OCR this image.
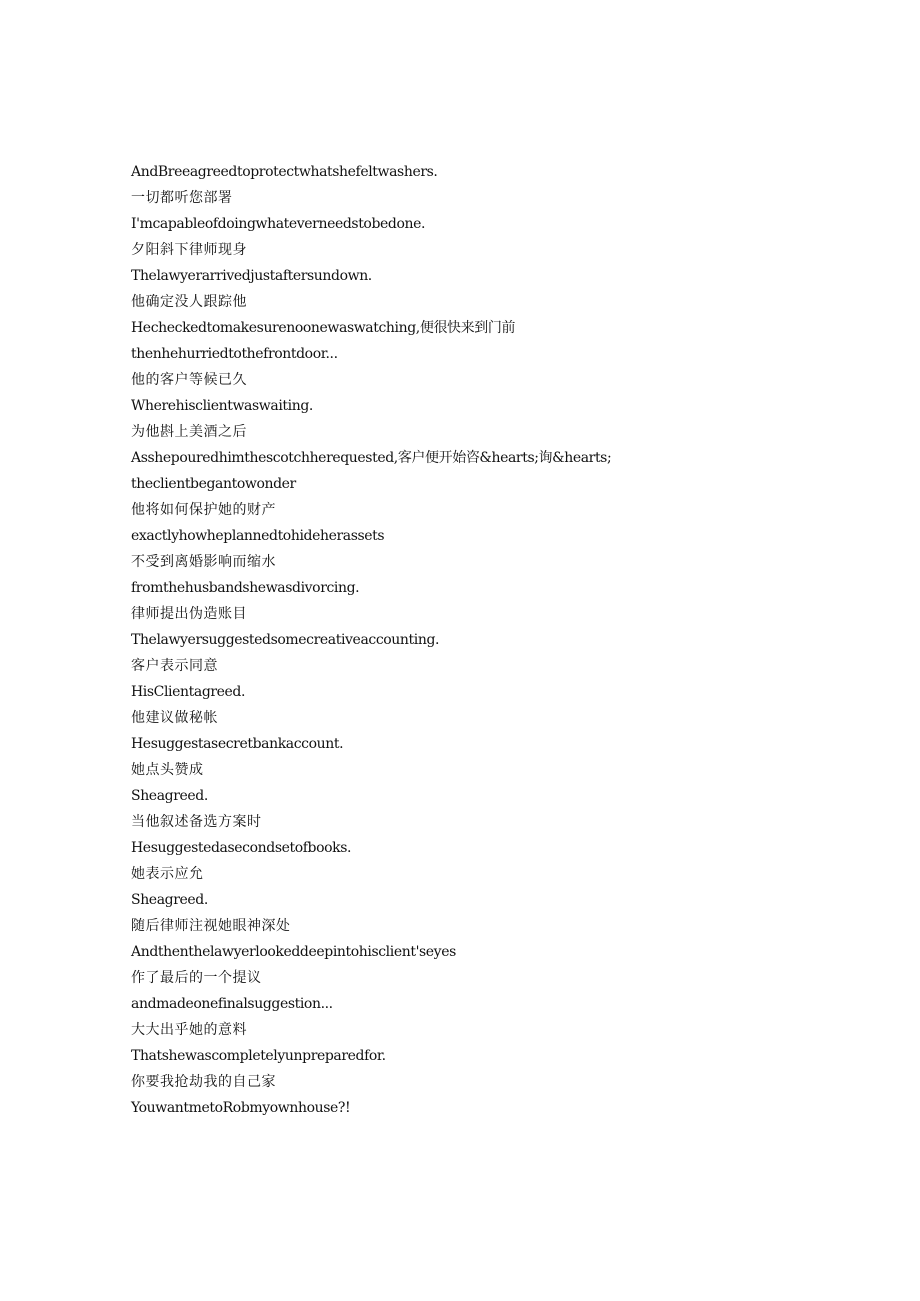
AndBreeagreedtoprotectwhatshefeltwashers.
一切都听您部署
I'mcapableofdoingwhateverneedstobedone.
夕阳斜下律师现身
Thelawyerarrivedjustaftersundown.
他确定没人跟踪他
Hecheckedtomakesurenoonewaswatching,便很快来到门前
thenhehurriedtothefrontdoor...
他的客户等候已久
Wherehisclientwaswaiting.
为他斟上美酒之后
Asshepouredhimthescotchherequested,客户便开始咨&hearts;询&hearts;
theclientbegantowonder
他将如何保护她的财产
exactlyhowheplannedtohideherassets
不受到离婚影响而缩水
fromthehusbandshewasdivorcing.
律师提出伪造账目
Thelawyersuggestedsomecreativeaccounting.
客户表示同意
HisClientagreed.
他建议做秘帐
Hesuggestasecretbankaccount.
她点头赞成
Sheagreed.
当他叙述备选方案时
Hesuggestedasecondsetofbooks.
她表示应允
Sheagreed.
随后律师注视她眼神深处
Andthenthelawyerlookeddeepintohisclient'seyes
作了最后的一个提议
andmadeonefinalsuggestion...
大大出乎她的意料
Thatshewascompletelyunpreparedfor.
你要我抢劫我的自己家
YouwantmetoRobmyownhouse?!
